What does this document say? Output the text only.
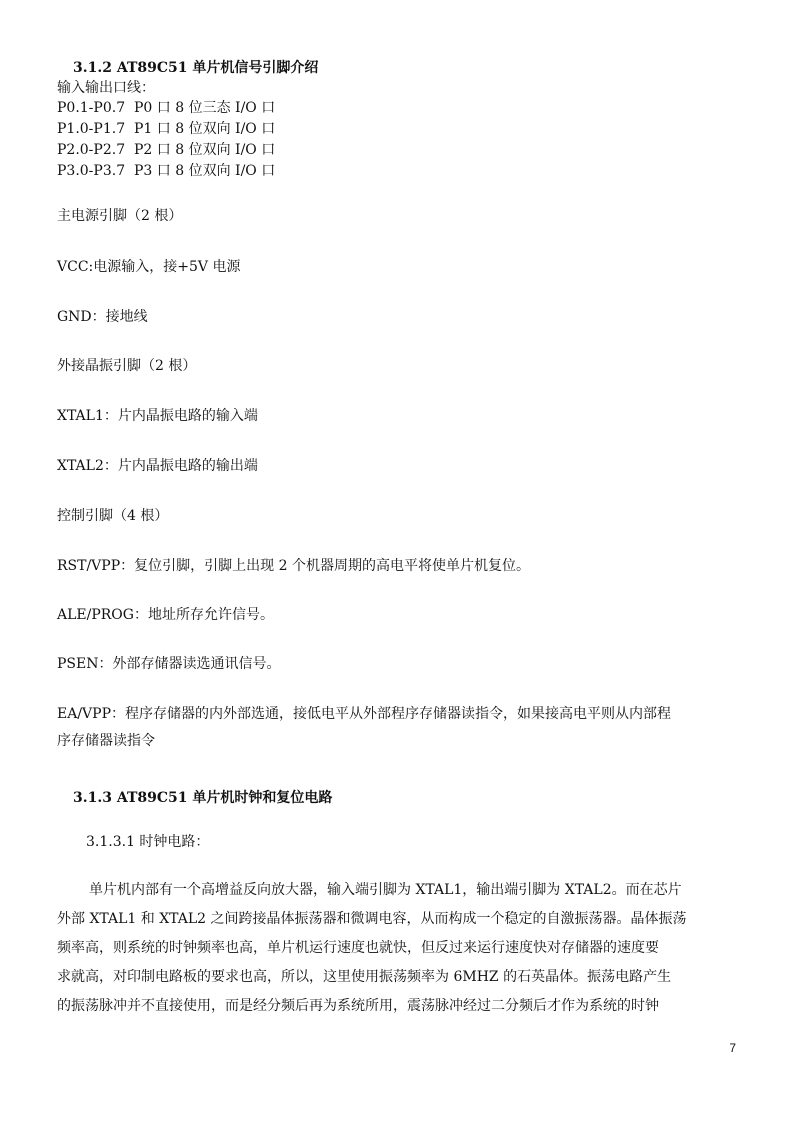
3.1.2 AT89C51 单片机信号引脚介绍
输入输出口线：
P0.1-P0.7  P0 口 8 位三态 I/O 口
P1.0-P1.7  P1 口 8 位双向 I/O 口
P2.0-P2.7  P2 口 8 位双向 I/O 口
P3.0-P3.7  P3 口 8 位双向 I/O 口
主电源引脚（2 根）
VCC:电源输入，接+5V 电源
GND：接地线
外接晶振引脚（2 根）
XTAL1：片内晶振电路的输入端
XTAL2：片内晶振电路的输出端
控制引脚（4 根）
RST/VPP：复位引脚，引脚上出现 2 个机器周期的高电平将使单片机复位。
ALE/PROG：地址所存允许信号。
PSEN：外部存储器读选通讯信号。
EA/VPP：程序存储器的内外部选通，接低电平从外部程序存储器读指令，如果接高电平则从内部程
序存储器读指令
3.1.3 AT89C51 单片机时钟和复位电路
3.1.3.1 时钟电路：
单片机内部有一个高增益反向放大器，输入端引脚为 XTAL1，输出端引脚为 XTAL2。而在芯片
外部 XTAL1 和 XTAL2 之间跨接晶体振荡器和微调电容，从而构成一个稳定的自激振荡器。晶体振荡
频率高，则系统的时钟频率也高，单片机运行速度也就快，但反过来运行速度快对存储器的速度要
求就高，对印制电路板的要求也高，所以，这里使用振荡频率为 6MHZ 的石英晶体。振荡电路产生
的振荡脉冲并不直接使用，而是经分频后再为系统所用，震荡脉冲经过二分频后才作为系统的时钟
7
